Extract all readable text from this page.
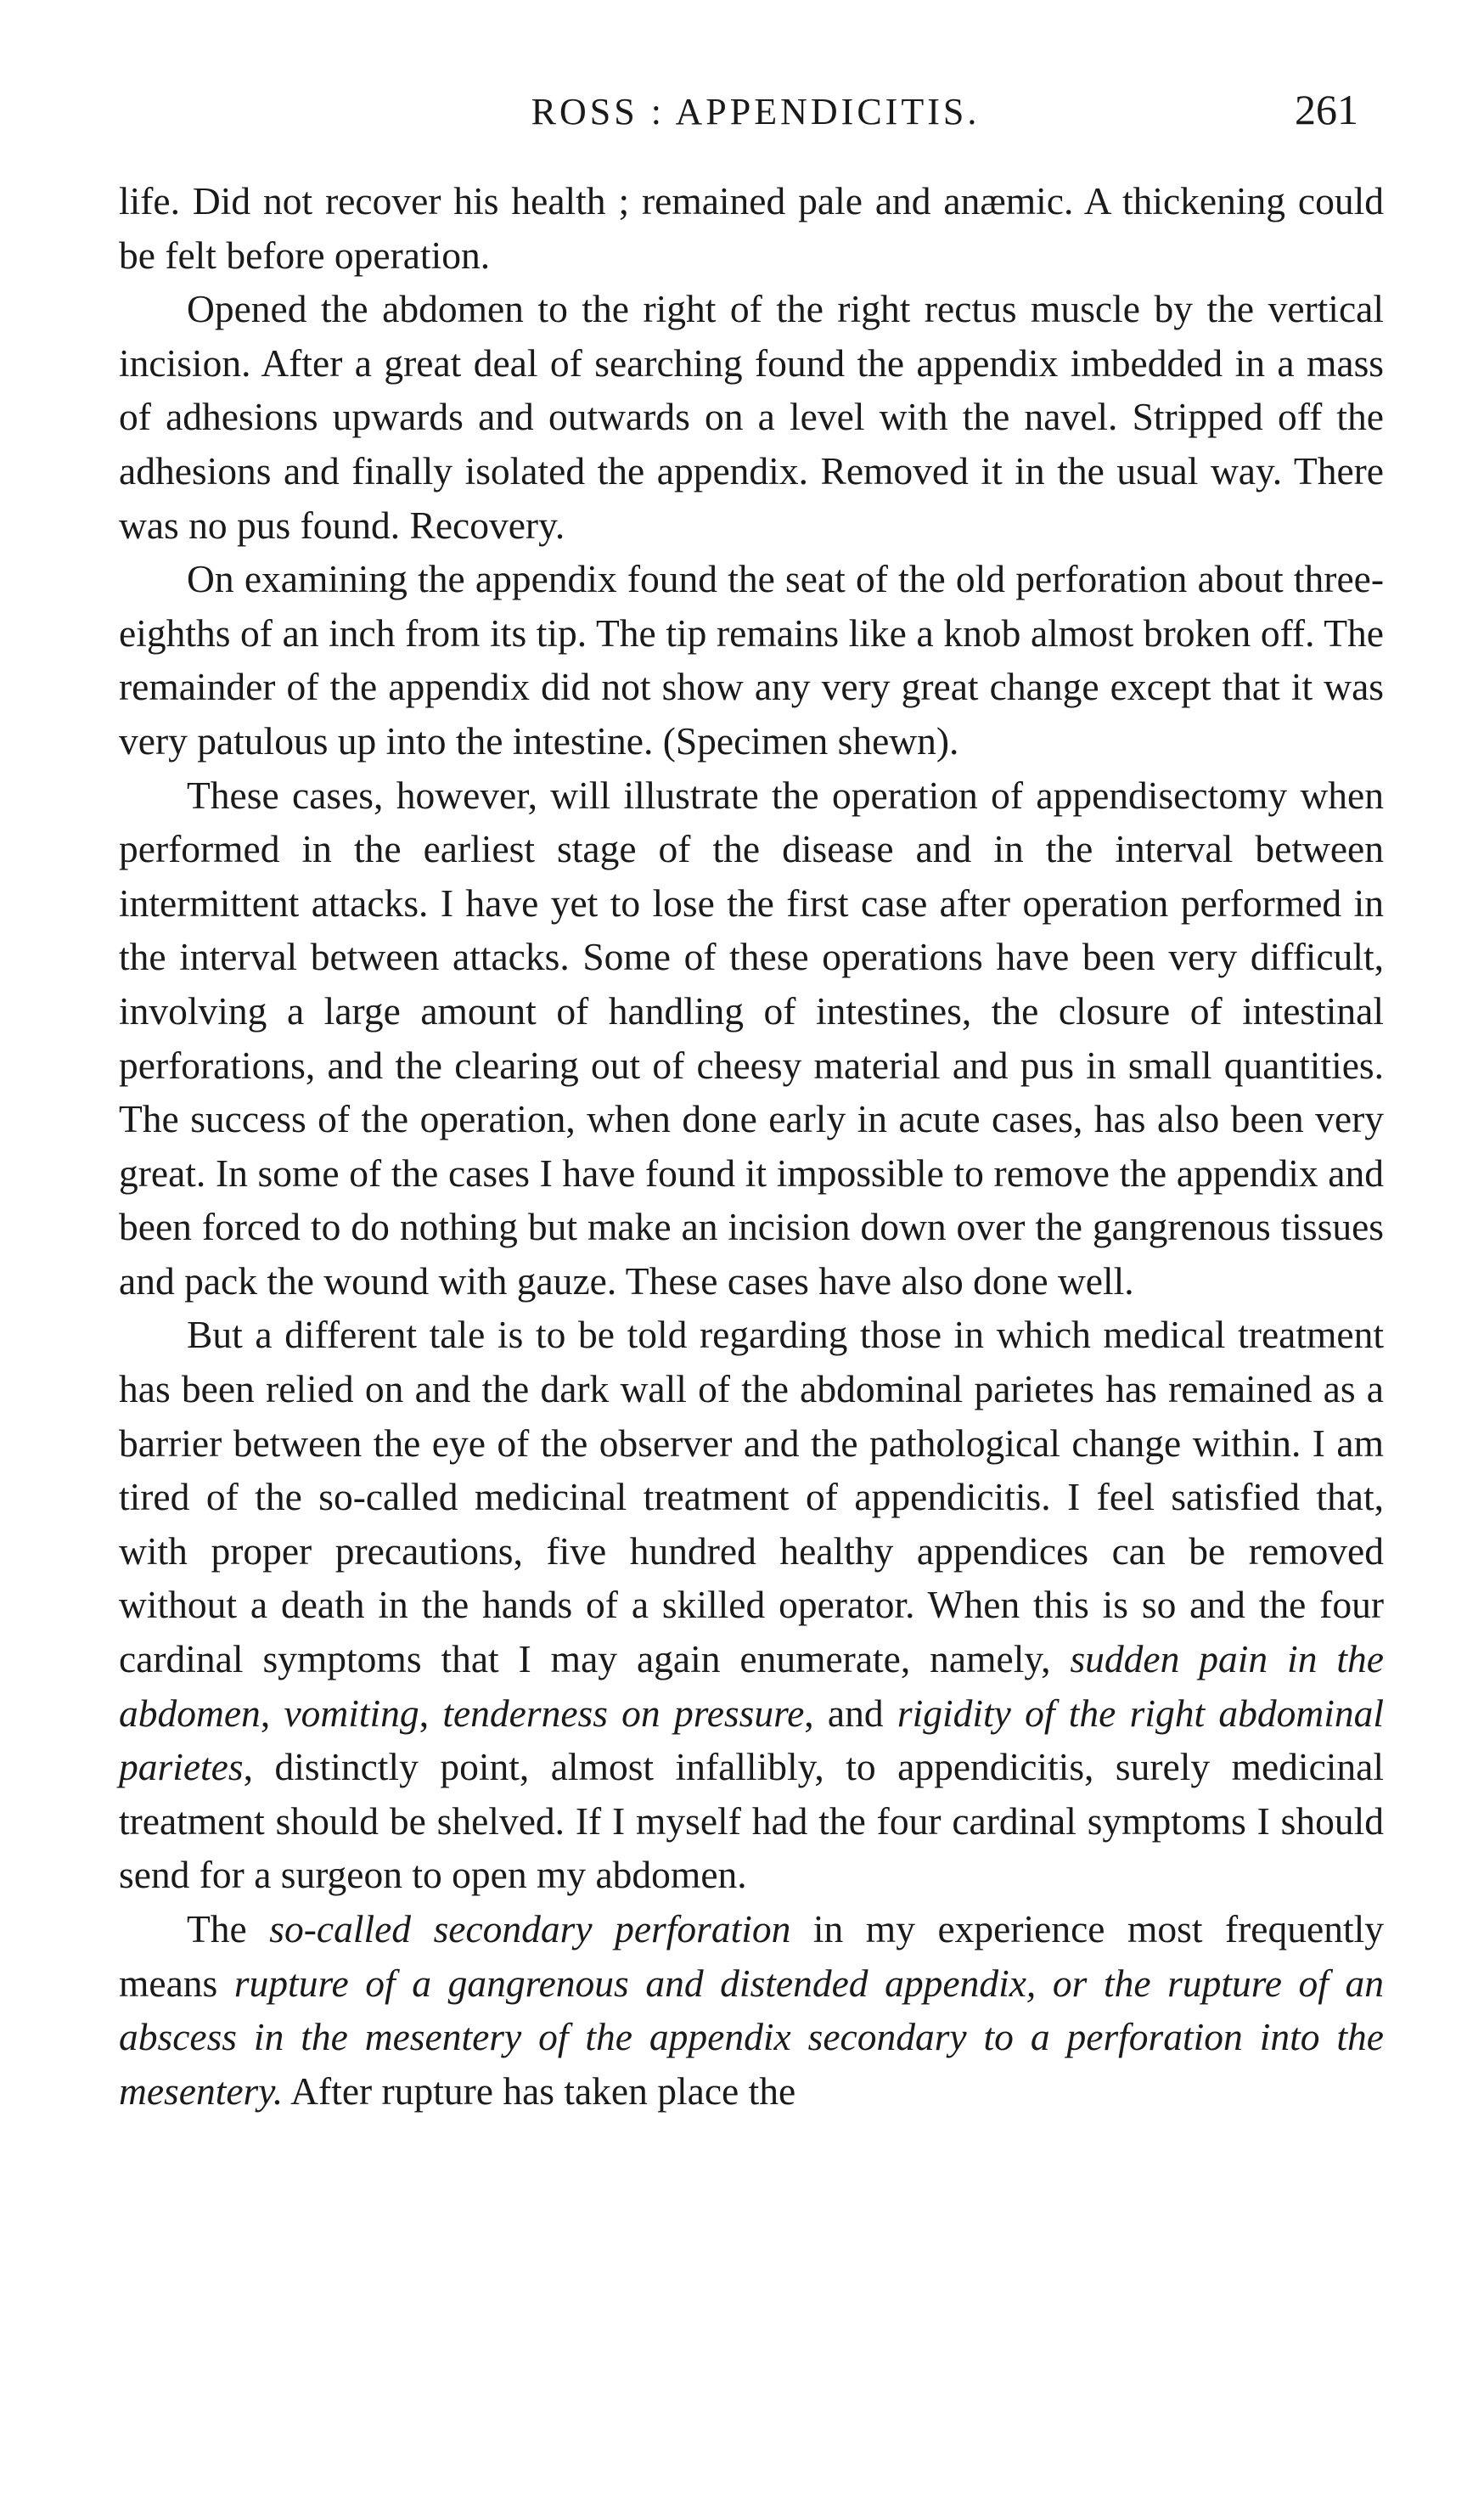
ROSS : APPENDICITIS.	261

life. Did not recover his health ; remained pale and anæmic. A thickening could be felt before operation.

Opened the abdomen to the right of the right rectus muscle by the vertical incision. After a great deal of searching found the appendix imbedded in a mass of adhesions upwards and outwards on a level with the navel. Stripped off the adhesions and finally isolated the appendix. Removed it in the usual way. There was no pus found. Recovery.

On examining the appendix found the seat of the old perforation about three-eighths of an inch from its tip. The tip remains like a knob almost broken off. The remainder of the appendix did not show any very great change except that it was very patulous up into the intestine. (Specimen shewn).

These cases, however, will illustrate the operation of appendisectomy when performed in the earliest stage of the disease and in the interval between intermittent attacks. I have yet to lose the first case after operation performed in the interval between attacks. Some of these operations have been very difficult, involving a large amount of handling of intestines, the closure of intestinal perforations, and the clearing out of cheesy material and pus in small quantities. The success of the operation, when done early in acute cases, has also been very great. In some of the cases I have found it impossible to remove the appendix and been forced to do nothing but make an incision down over the gangrenous tissues and pack the wound with gauze. These cases have also done well.

But a different tale is to be told regarding those in which medical treatment has been relied on and the dark wall of the abdominal parietes has remained as a barrier between the eye of the observer and the pathological change within. I am tired of the so-called medicinal treatment of appendicitis. I feel satisfied that, with proper precautions, five hundred healthy appendices can be removed without a death in the hands of a skilled operator. When this is so and the four cardinal symptoms that I may again enumerate, namely, sudden pain in the abdomen, vomiting, tenderness on pressure, and rigidity of the right abdominal parietes, distinctly point, almost infallibly, to appendicitis, surely medicinal treatment should be shelved. If I myself had the four cardinal symptoms I should send for a surgeon to open my abdomen.

The so-called secondary perforation in my experience most frequently means rupture of a gangrenous and distended appendix, or the rupture of an abscess in the mesentery of the appendix secondary to a perforation into the mesentery. After rupture has taken place the
